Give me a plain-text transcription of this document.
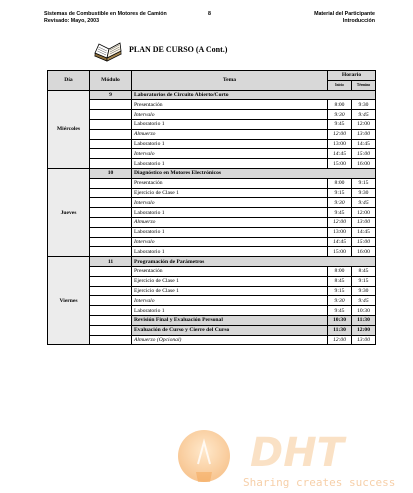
Sistemas de Combustible en Motores de Camión
Revisado: Mayo, 2003
8	Material del Participante
Introducción
PLAN DE CURSO (A Cont.)
Día	Módulo	Tema	Horario	
			Inicio	Término
Miércoles	9	Laboratorios de Circuito Abierto/Corto		
		Presentación	8:00	9:30
		Intervalo	9:30	9:45
		Laboratorio 1	9:45	12:00
		Almuerzo	12:00	13:00
		Laboratorio 1	13:00	14:45
		Intervalo	14:45	15:00
		Laboratorio 1	15:00	16:00
Jueves	10	Diagnóstico en Motores Electrónicos		
		Presentación	8:00	9:15
		Ejercicio de Clase 1	9:15	9:30
		Intervalo	9:30	9:45
		Laboratorio 1	9:45	12:00
		Almuerzo	12:00	13:00
		Laboratorio 1	13:00	14:45
		Intervalo	14:45	15:00
		Laboratorio 1	15:00	16:00
Viernes	11	Programación de Parámetros		
		Presentación	8:00	8:45
		Ejercicio de Clase 1	8:45	9:15
		Ejercicio de Clase 1	9:15	9:30
		Intervalo	9:30	9:45
		Laboratorio 1	9:45	10:30
		Revisión Final y Evaluación Personal	10:30	11:30
		Evaluación de Curso y Cierre del Curso	11:30	12:00
		Almuerzo (Opcional)	12:00	13:00
DHT
Sharing creates success
